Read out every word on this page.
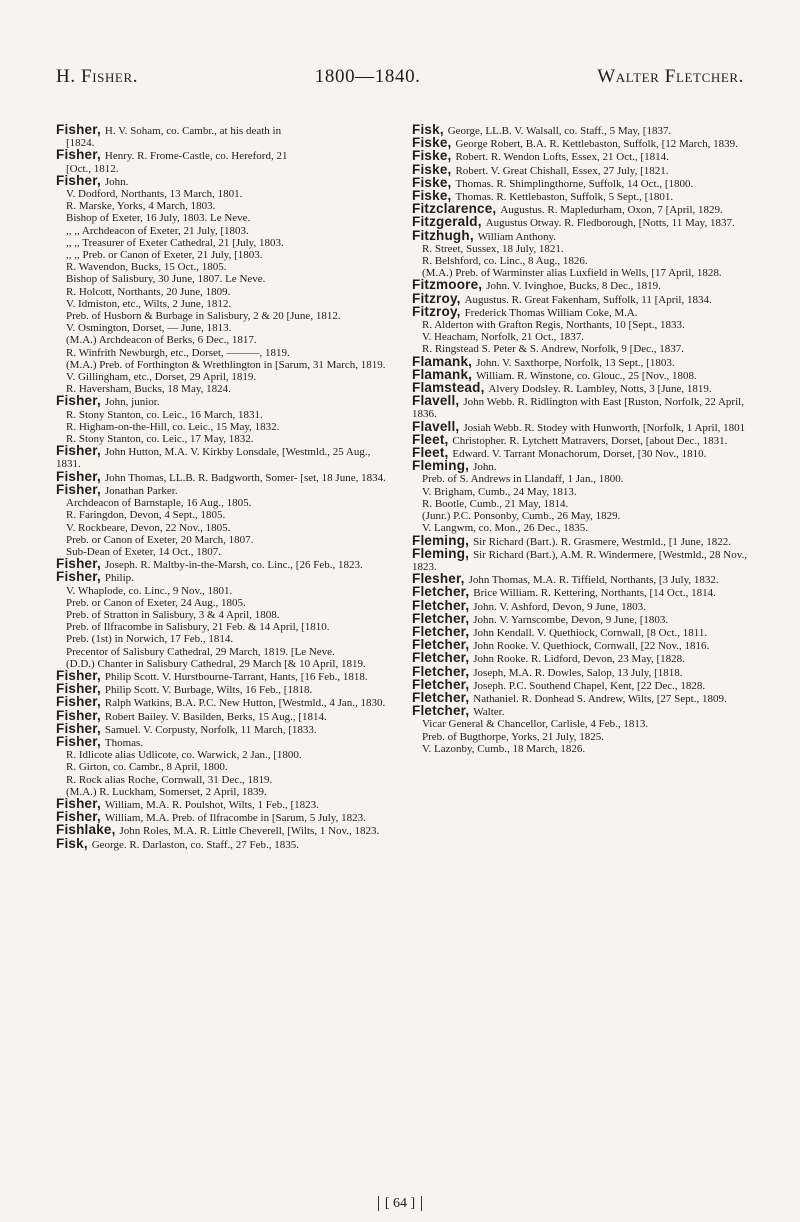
H. Fisher.	1800—1840.	Walter Fletcher.
Fisher, H. V. Soham, co. Cambr., at his death in
[1824.
Fisher, Henry. R. Frome-Castle, co. Hereford, 21
[Oct., 1812.
Fisher, John.
V. Dodford, Northants, 13 March, 1801.
R. Marske, Yorks, 4 March, 1803.
Bishop of Exeter, 16 July, 1803. Le Neve.
,, ,, Archdeacon of Exeter, 21 July, [1803.
,, ,, Treasurer of Exeter Cathedral, 21 [July, 1803.
,, ,, Preb. or Canon of Exeter, 21 July, [1803.
R. Wavendon, Bucks, 15 Oct., 1805.
Bishop of Salisbury, 30 June, 1807. Le Neve.
R. Holcott, Northants, 20 June, 1809.
V. Idmiston, etc., Wilts, 2 June, 1812.
Preb. of Husborn & Burbage in Salisbury, 2 & 20 [June, 1812.
V. Osmington, Dorset, — June, 1813.
(M.A.) Archdeacon of Berks, 6 Dec., 1817.
R. Winfrith Newburgh, etc., Dorset, ———, 1819.
(M.A.) Preb. of Forthington & Wrethlington in [Sarum, 31 March, 1819.
V. Gillingham, etc., Dorset, 29 April, 1819.
R. Haversham, Bucks, 18 May, 1824.
Fisher, John, junior.
R. Stony Stanton, co. Leic., 16 March, 1831.
R. Higham-on-the-Hill, co. Leic., 15 May, 1832.
R. Stony Stanton, co. Leic., 17 May, 1832.
Fisher, John Hutton, M.A. V. Kirkby Lonsdale, [Westmld., 25 Aug., 1831.
Fisher, John Thomas, LL.B. R. Badgworth, Somer- [set, 18 June, 1834.
Fisher, Jonathan Parker.
Archdeacon of Barnstaple, 16 Aug., 1805.
R. Faringdon, Devon, 4 Sept., 1805.
V. Rockbeare, Devon, 22 Nov., 1805.
Preb. or Canon of Exeter, 20 March, 1807.
Sub-Dean of Exeter, 14 Oct., 1807.
Fisher, Joseph. R. Maltby-in-the-Marsh, co. Linc., [26 Feb., 1823.
Fisher, Philip.
V. Whaplode, co. Linc., 9 Nov., 1801.
Preb. or Canon of Exeter, 24 Aug., 1805.
Preb. of Stratton in Salisbury, 3 & 4 April, 1808.
Preb. of Ilfracombe in Salisbury, 21 Feb. & 14 April, [1810.
Preb. (1st) in Norwich, 17 Feb., 1814.
Precentor of Salisbury Cathedral, 29 March, 1819. [Le Neve.
(D.D.) Chanter in Salisbury Cathedral, 29 March [& 10 April, 1819.
Fisher, Philip Scott. V. Hurstbourne-Tarrant, Hants, [16 Feb., 1818.
Fisher, Philip Scott. V. Burbage, Wilts, 16 Feb., [1818.
Fisher, Ralph Watkins, B.A. P.C. New Hutton, [Westmld., 4 Jan., 1830.
Fisher, Robert Bailey. V. Basilden, Berks, 15 Aug., [1814.
Fisher, Samuel. V. Corpusty, Norfolk, 11 March, [1833.
Fisher, Thomas.
R. Idlicote alias Udlicote, co. Warwick, 2 Jan., [1800.
R. Girton, co. Cambr., 8 April, 1800.
R. Rock alias Roche, Cornwall, 31 Dec., 1819.
(M.A.) R. Luckham, Somerset, 2 April, 1839.
Fisher, William, M.A. R. Poulshot, Wilts, 1 Feb., [1823.
Fisher, William, M.A. Preb. of Ilfracombe in [Sarum, 5 July, 1823.
Fishlake, John Roles, M.A. R. Little Cheverell, [Wilts, 1 Nov., 1823.
Fisk, George. R. Darlaston, co. Staff., 27 Feb., 1835.
Fisk, George, LL.B. V. Walsall, co. Staff., 5 May, [1837.
Fiske, George Robert, B.A. R. Kettlebaston, Suffolk, [12 March, 1839.
Fiske, Robert. R. Wendon Lofts, Essex, 21 Oct., [1814.
Fiske, Robert. V. Great Chishall, Essex, 27 July, [1821.
Fiske, Thomas. R. Shimplingthorne, Suffolk, 14 Oct., [1800.
Fiske, Thomas. R. Kettlebaston, Suffolk, 5 Sept., [1801.
Fitzclarence, Augustus. R. Mapledurham, Oxon, 7 [April, 1829.
Fitzgerald, Augustus Otway. R. Fledborough, [Notts, 11 May, 1837.
Fitzhugh, William Anthony.
R. Street, Sussex, 18 July, 1821.
R. Belshford, co. Linc., 8 Aug., 1826.
(M.A.) Preb. of Warminster alias Luxfield in Wells, [17 April, 1828.
Fitzmoore, John. V. Ivinghoe, Bucks, 8 Dec., 1819.
Fitzroy, Augustus. R. Great Fakenham, Suffolk, 11 [April, 1834.
Fitzroy, Frederick Thomas William Coke, M.A.
R. Alderton with Grafton Regis, Northants, 10 [Sept., 1833.
V. Heacham, Norfolk, 21 Oct., 1837.
R. Ringstead S. Peter & S. Andrew, Norfolk, 9 [Dec., 1837.
Flamank, John. V. Saxthorpe, Norfolk, 13 Sept., [1803.
Flamank, William. R. Winstone, co. Glouc., 25 [Nov., 1808.
Flamstead, Alvery Dodsley. R. Lambley, Notts, 3 [June, 1819.
Flavell, John Webb. R. Ridlington with East [Ruston, Norfolk, 22 April, 1836.
Flavell, Josiah Webb. R. Stodey with Hunworth, [Norfolk, 1 April, 1801
Fleet, Christopher. R. Lytchett Matravers, Dorset, [about Dec., 1831.
Fleet, Edward. V. Tarrant Monachorum, Dorset, [30 Nov., 1810.
Fleming, John.
Preb. of S. Andrews in Llandaff, 1 Jan., 1800.
V. Brigham, Cumb., 24 May, 1813.
R. Bootle, Cumb., 21 May, 1814.
(Junr.) P.C. Ponsonby, Cumb., 26 May, 1829.
V. Langwm, co. Mon., 26 Dec., 1835.
Fleming, Sir Richard (Bart.). R. Grasmere, Westmld., [1 June, 1822.
Fleming, Sir Richard (Bart.), A.M. R. Windermere, [Westmld., 28 Nov., 1823.
Flesher, John Thomas, M.A. R. Tiffield, Northants, [3 July, 1832.
Fletcher, Brice William. R. Kettering, Northants, [14 Oct., 1814.
Fletcher, John. V. Ashford, Devon, 9 June, 1803.
Fletcher, John. V. Yarnscombe, Devon, 9 June, [1803.
Fletcher, John Kendall. V. Quethiock, Cornwall, [8 Oct., 1811.
Fletcher, John Rooke. V. Quethiock, Cornwall, [22 Nov., 1816.
Fletcher, John Rooke. R. Lidford, Devon, 23 May, [1828.
Fletcher, Joseph, M.A. R. Dowles, Salop, 13 July, [1818.
Fletcher, Joseph. P.C. Southend Chapel, Kent, [22 Dec., 1828.
Fletcher, Nathaniel. R. Donhead S. Andrew, Wilts, [27 Sept., 1809.
Fletcher, Walter.
Vicar General & Chancellor, Carlisle, 4 Feb., 1813.
Preb. of Bugthorpe, Yorks, 21 July, 1825.
V. Lazonby, Cumb., 18 March, 1826.
[ 64 ]
